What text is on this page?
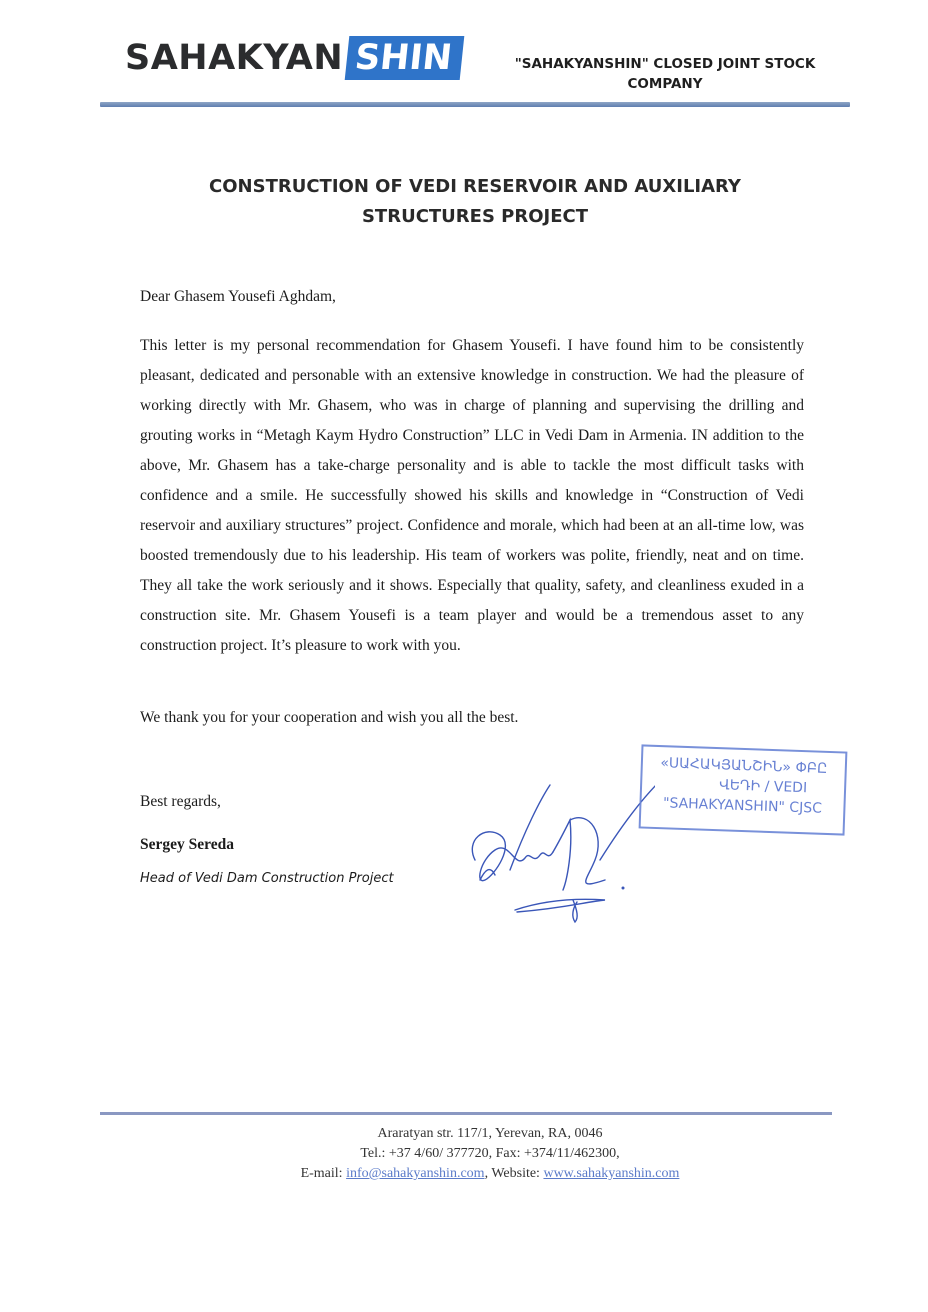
SAHAKYAN SHIN	"SAHAKYANSHIN" CLOSED JOINT STOCK
COMPANY
CONSTRUCTION OF VEDI RESERVOIR AND AUXILIARY
STRUCTURES PROJECT
Dear Ghasem Yousefi Aghdam,

This letter is my personal recommendation for Ghasem Yousefi. I have found him to be consistently pleasant, dedicated and personable with an extensive knowledge in construction. We had the pleasure of working directly with Mr. Ghasem, who was in charge of planning and supervising the drilling and grouting works in “Metagh Kaym Hydro Construction” LLC in Vedi Dam in Armenia. IN addition to the above, Mr. Ghasem has a take-charge personality and is able to tackle the most difficult tasks with confidence and a smile. He successfully showed his skills and knowledge in “Construction of Vedi reservoir and auxiliary structures” project. Confidence and morale, which had been at an all-time low, was boosted tremendously due to his leadership. His team of workers was polite, friendly, neat and on time. They all take the work seriously and it shows. Especially that quality, safety, and cleanliness exuded in a construction site. Mr. Ghasem Yousefi is a team player and would be a tremendous asset to any construction project. It’s pleasure to work with you.

We thank you for your cooperation and wish you all the best.
Best regards,
Sergey Sereda
Head of Vedi Dam Construction Project
«ՍԱՀԱԿՅԱՆՇԻՆ» ՓԲԸ
ՎԵԴԻ / VEDI
"SAHAKYANSHIN" CJSC
Araratyan str. 117/1, Yerevan, RA, 0046
Tel.: +37 4/60/ 377720, Fax: +374/11/462300,
E-mail: info@sahakyanshin.com, Website: www.sahakyanshin.com
